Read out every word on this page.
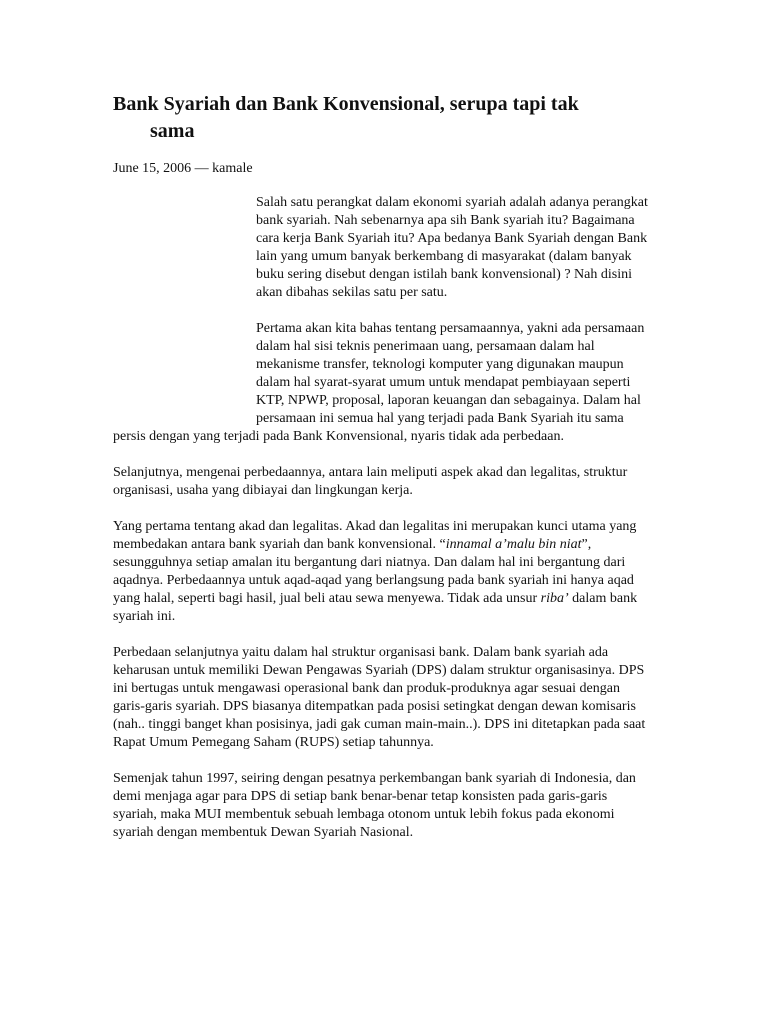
Bank Syariah dan Bank Konvensional, serupa tapi tak sama
June 15, 2006 — kamale

Salah satu perangkat dalam ekonomi syariah adalah adanya perangkat bank syariah. Nah sebenarnya apa sih Bank syariah itu? Bagaimana cara kerja Bank Syariah itu? Apa bedanya Bank Syariah dengan Bank lain yang umum banyak berkembang di masyarakat (dalam banyak buku sering disebut dengan istilah bank konvensional) ? Nah disini akan dibahas sekilas satu per satu.

Pertama akan kita bahas tentang persamaannya, yakni ada persamaan dalam hal sisi teknis penerimaan uang, persamaan dalam hal mekanisme transfer, teknologi komputer yang digunakan maupun dalam hal syarat-syarat umum untuk mendapat pembiayaan seperti KTP, NPWP, proposal, laporan keuangan dan sebagainya. Dalam hal persamaan ini semua hal yang terjadi pada Bank Syariah itu sama persis dengan yang terjadi pada Bank Konvensional, nyaris tidak ada perbedaan.

Selanjutnya, mengenai perbedaannya, antara lain meliputi aspek akad dan legalitas, struktur organisasi, usaha yang dibiayai dan lingkungan kerja.

Yang pertama tentang akad dan legalitas. Akad dan legalitas ini merupakan kunci utama yang membedakan antara bank syariah dan bank konvensional. “innamal a’malu bin niat”, sesungguhnya setiap amalan itu bergantung dari niatnya. Dan dalam hal ini bergantung dari aqadnya. Perbedaannya untuk aqad-aqad yang berlangsung pada bank syariah ini hanya aqad yang halal, seperti bagi hasil, jual beli atau sewa menyewa. Tidak ada unsur riba’ dalam bank syariah ini.

Perbedaan selanjutnya yaitu dalam hal struktur organisasi bank. Dalam bank syariah ada keharusan untuk memiliki Dewan Pengawas Syariah (DPS) dalam struktur organisasinya. DPS ini bertugas untuk mengawasi operasional bank dan produk-produknya agar sesuai dengan garis-garis syariah. DPS biasanya ditempatkan pada posisi setingkat dengan dewan komisaris (nah.. tinggi banget khan posisinya, jadi gak cuman main-main..). DPS ini ditetapkan pada saat Rapat Umum Pemegang Saham (RUPS) setiap tahunnya.

Semenjak tahun 1997, seiring dengan pesatnya perkembangan bank syariah di Indonesia, dan demi menjaga agar para DPS di setiap bank benar-benar tetap konsisten pada garis-garis syariah, maka MUI membentuk sebuah lembaga otonom untuk lebih fokus pada ekonomi syariah dengan membentuk Dewan Syariah Nasional.
